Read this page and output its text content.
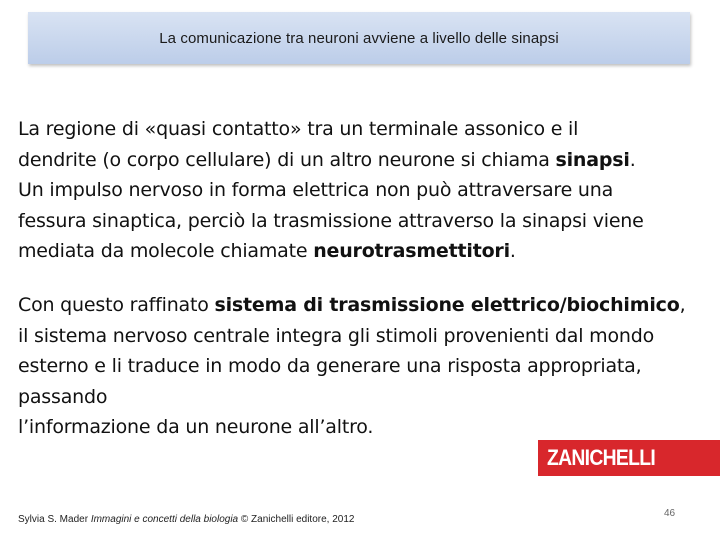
La comunicazione tra neuroni avviene a livello delle sinapsi
La regione di «quasi contatto» tra un terminale assonico e il
dendrite (o corpo cellulare) di un altro neurone si chiama sinapsi.
Un impulso nervoso in forma elettrica non può attraversare una
fessura sinaptica, perciò la trasmissione attraverso la sinapsi viene
mediata da molecole chiamate neurotrasmettitori.
Con questo raffinato sistema di trasmissione elettrico/biochimico,
il sistema nervoso centrale integra gli stimoli provenienti dal mondo
esterno e li traduce in modo da generare una risposta appropriata,
passando
l’informazione da un neurone all’altro.
ZANICHELLI
Sylvia S. Mader Immagini e concetti della biologia © Zanichelli editore, 2012
46
